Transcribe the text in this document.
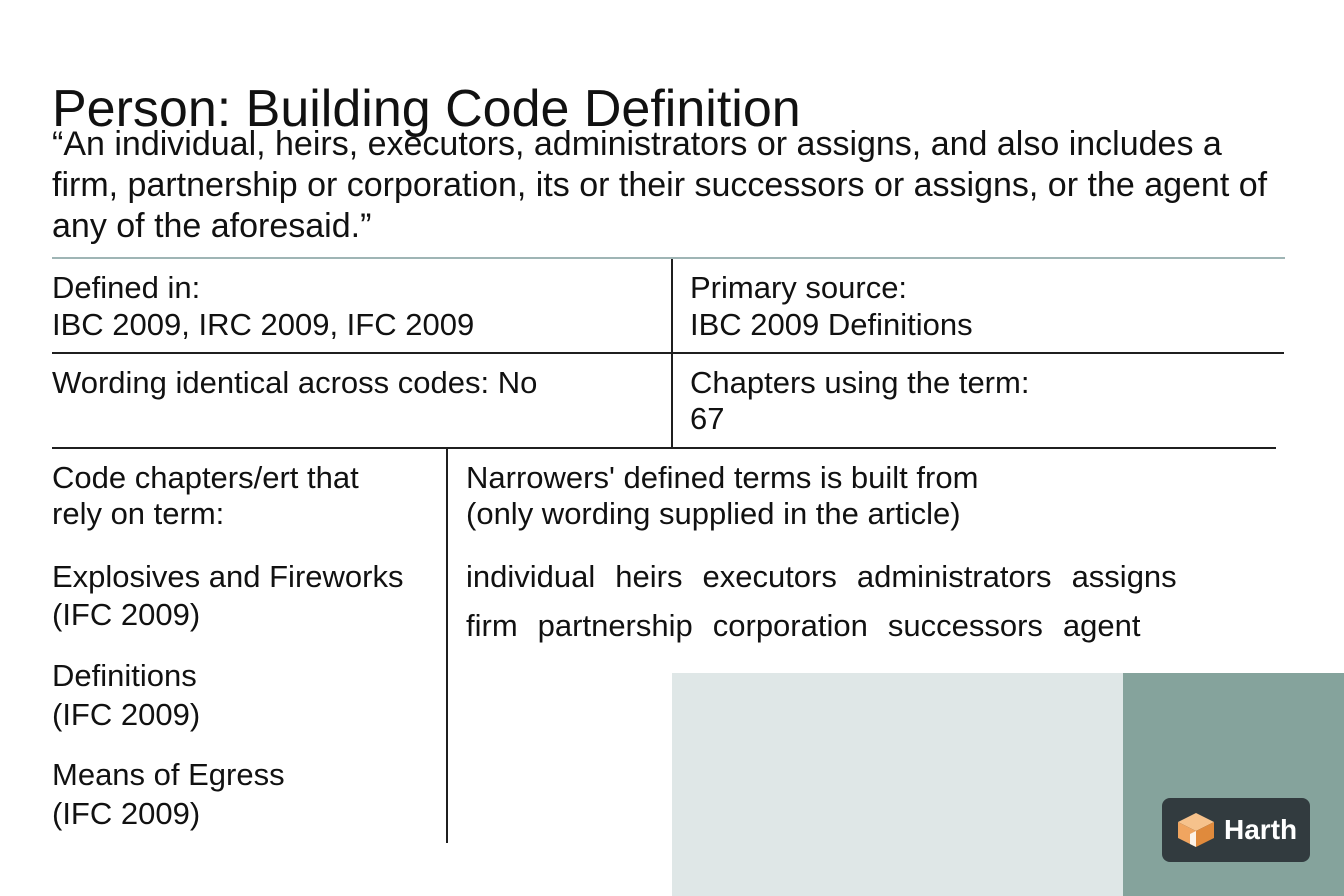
Person: Building Code Definition
“An individual, heirs, executors, administrators or assigns, and also includes a firm, partnership or corporation, its or their successors or assigns, or the agent of any of the aforesaid.”
Defined in:
IBC 2009, IRC 2009, IFC 2009
Primary source:
IBC 2009 Definitions
Wording identical across codes: No	Chapters using the term:
67
Code chapters/ert that
rely on term:
Explosives and Fireworks
(IFC 2009)
Definitions
(IFC 2009)
Means of Egress
(IFC 2009)
Narrowers' defined terms is built from
(only wording supplied in the article)
individual heirs executors administrators assigns
firm partnership corporation successors agent
Harth
